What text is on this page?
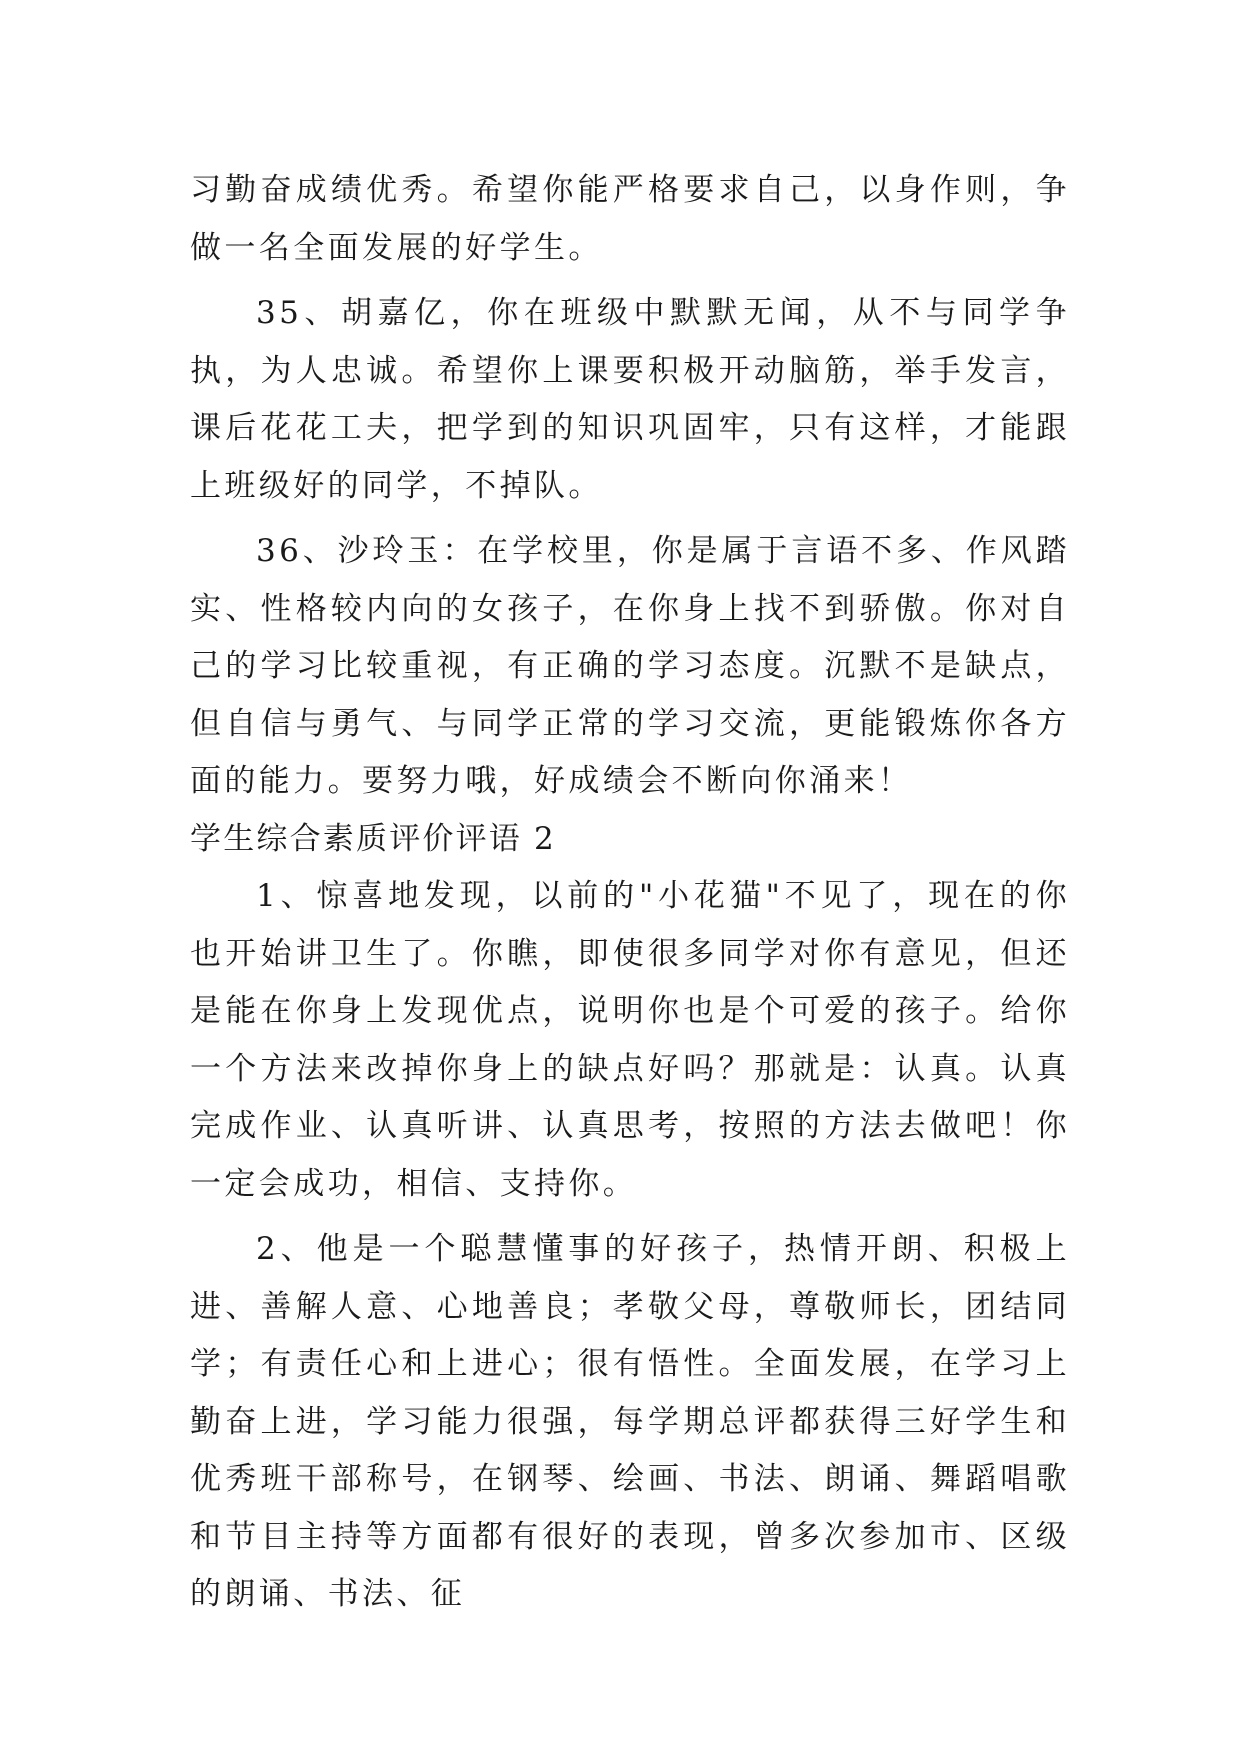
习勤奋成绩优秀。希望你能严格要求自己，以身作则，争做一名全面发展的好学生。

35、胡嘉亿，你在班级中默默无闻，从不与同学争执，为人忠诚。希望你上课要积极开动脑筋，举手发言，课后花花工夫，把学到的知识巩固牢，只有这样，才能跟上班级好的同学，不掉队。

36、沙玲玉：在学校里，你是属于言语不多、作风踏实、性格较内向的女孩子，在你身上找不到骄傲。你对自己的学习比较重视，有正确的学习态度。沉默不是缺点，但自信与勇气、与同学正常的学习交流，更能锻炼你各方面的能力。要努力哦，好成绩会不断向你涌来！

学生综合素质评价评语 2

1、惊喜地发现，以前的"小花猫"不见了，现在的你也开始讲卫生了。你瞧，即使很多同学对你有意见，但还是能在你身上发现优点，说明你也是个可爱的孩子。给你一个方法来改掉你身上的缺点好吗？那就是：认真。认真完成作业、认真听讲、认真思考，按照的方法去做吧！你一定会成功，相信、支持你。

2、他是一个聪慧懂事的好孩子，热情开朗、积极上进、善解人意、心地善良；孝敬父母，尊敬师长，团结同学；有责任心和上进心；很有悟性。全面发展，在学习上勤奋上进，学习能力很强，每学期总评都获得三好学生和优秀班干部称号，在钢琴、绘画、书法、朗诵、舞蹈唱歌和节目主持等方面都有很好的表现，曾多次参加市、区级的朗诵、书法、征
